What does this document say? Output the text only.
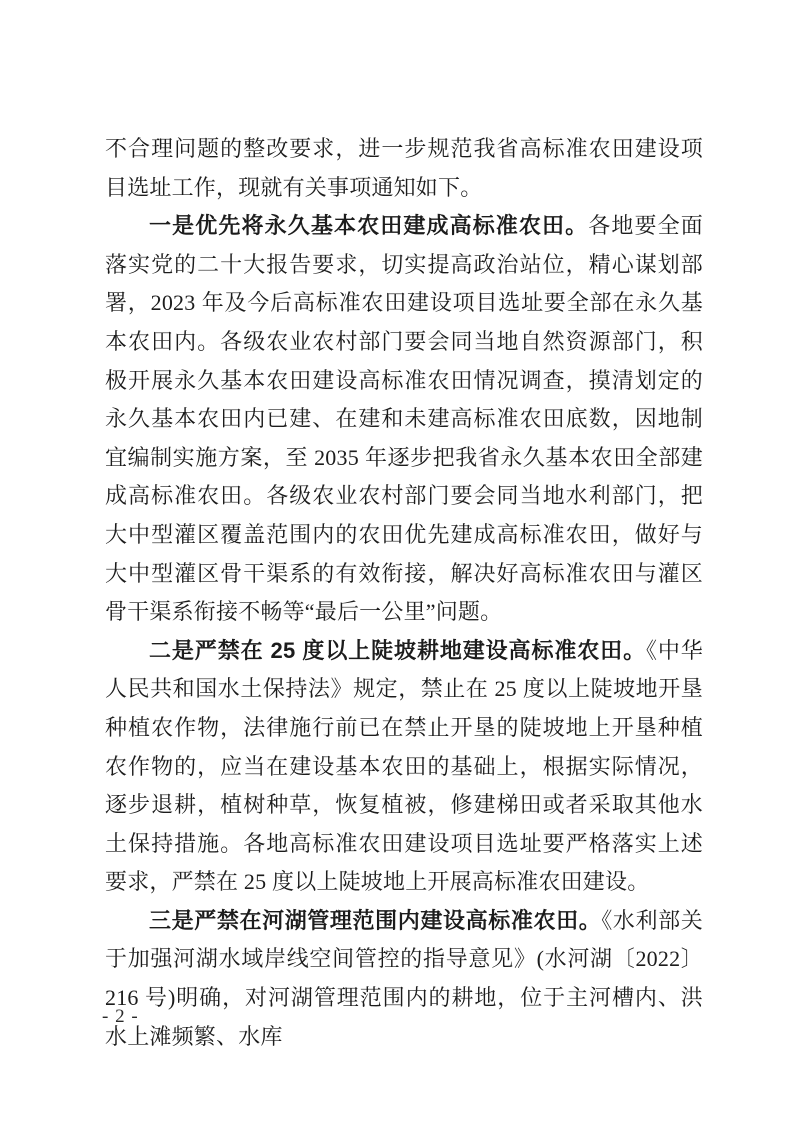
不合理问题的整改要求，进一步规范我省高标准农田建设项目选址工作，现就有关事项通知如下。

一是优先将永久基本农田建成高标准农田。各地要全面落实党的二十大报告要求，切实提高政治站位，精心谋划部署，2023 年及今后高标准农田建设项目选址要全部在永久基本农田内。各级农业农村部门要会同当地自然资源部门，积极开展永久基本农田建设高标准农田情况调查，摸清划定的永久基本农田内已建、在建和未建高标准农田底数，因地制宜编制实施方案，至 2035 年逐步把我省永久基本农田全部建成高标准农田。各级农业农村部门要会同当地水利部门，把大中型灌区覆盖范围内的农田优先建成高标准农田，做好与大中型灌区骨干渠系的有效衔接，解决好高标准农田与灌区骨干渠系衔接不畅等“最后一公里”问题。

二是严禁在 25 度以上陡坡耕地建设高标准农田。《中华人民共和国水土保持法》规定，禁止在 25 度以上陡坡地开垦种植农作物，法律施行前已在禁止开垦的陡坡地上开垦种植农作物的，应当在建设基本农田的基础上，根据实际情况，逐步退耕，植树种草，恢复植被，修建梯田或者采取其他水土保持措施。各地高标准农田建设项目选址要严格落实上述要求，严禁在 25 度以上陡坡地上开展高标准农田建设。

三是严禁在河湖管理范围内建设高标准农田。《水利部关于加强河湖水域岸线空间管控的指导意见》(水河湖〔2022〕216 号)明确，对河湖管理范围内的耕地，位于主河槽内、洪水上滩频繁、水库

- 2 -
